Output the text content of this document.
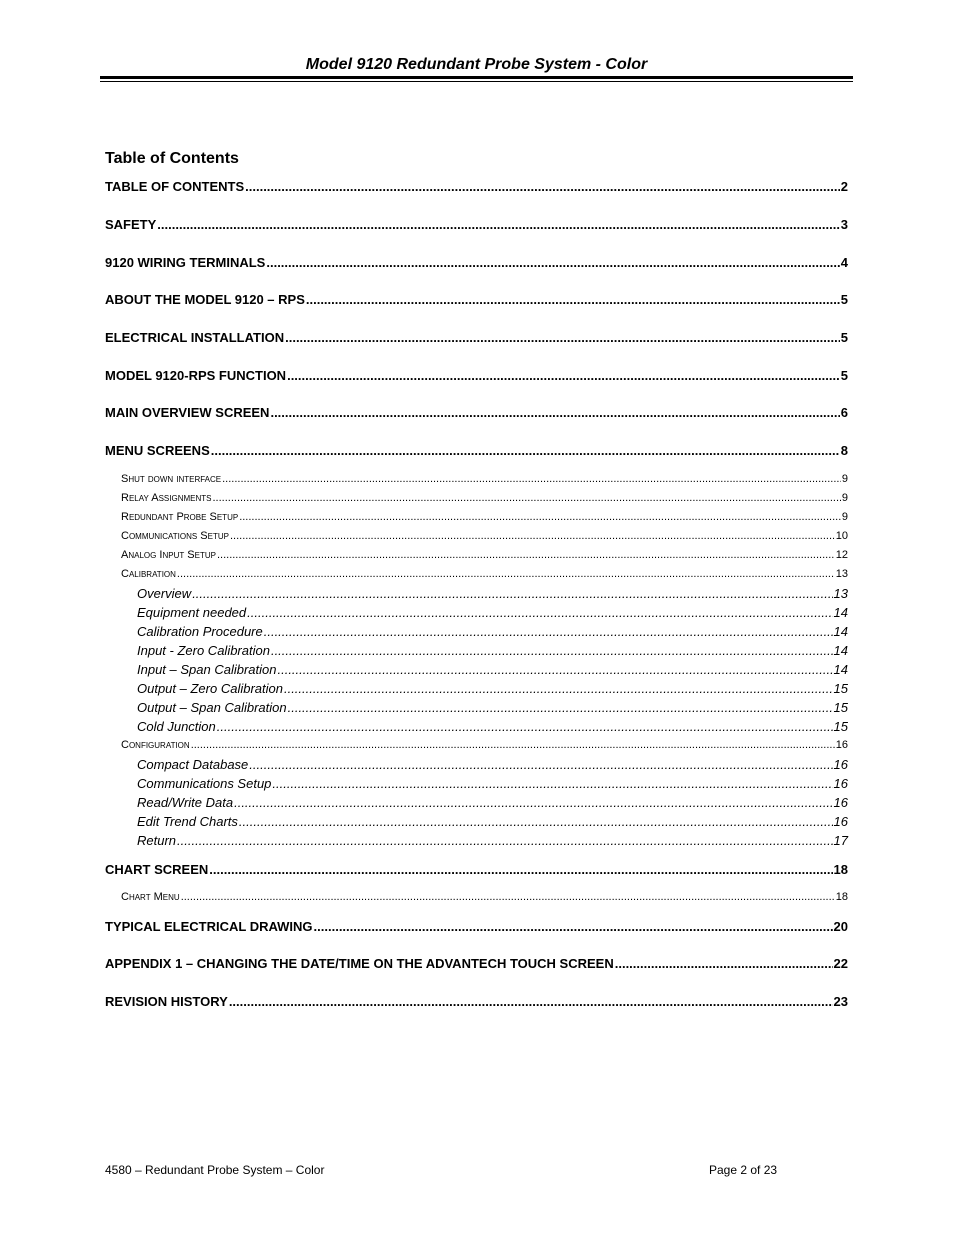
Model 9120 Redundant Probe System - Color
Table of Contents
TABLE OF CONTENTS .....	2
SAFETY .....	3
9120 WIRING TERMINALS .....	4
ABOUT THE MODEL 9120 – RPS .....	5
ELECTRICAL INSTALLATION .....	5
MODEL 9120-RPS FUNCTION .....	5
MAIN OVERVIEW SCREEN .....	6
MENU SCREENS .....	8
Shut down interface .....	9
Relay Assignments .....	9
Redundant Probe Setup .....	9
Communications Setup .....	10
Analog Input Setup .....	12
Calibration .....	13
Overview .....	13
Equipment needed .....	14
Calibration Procedure .....	14
Input - Zero Calibration .....	14
Input – Span Calibration .....	14
Output – Zero Calibration .....	15
Output – Span Calibration .....	15
Cold Junction .....	15
Configuration .....	16
Compact Database .....	16
Communications Setup .....	16
Read/Write Data .....	16
Edit Trend Charts .....	16
Return .....	17
CHART SCREEN .....	18
Chart Menu .....	18
TYPICAL ELECTRICAL DRAWING .....	20
APPENDIX 1 – CHANGING THE DATE/TIME ON THE ADVANTECH TOUCH SCREEN .....	22
REVISION HISTORY .....	23
4580 – Redundant Probe System – Color	Page 2 of 23
